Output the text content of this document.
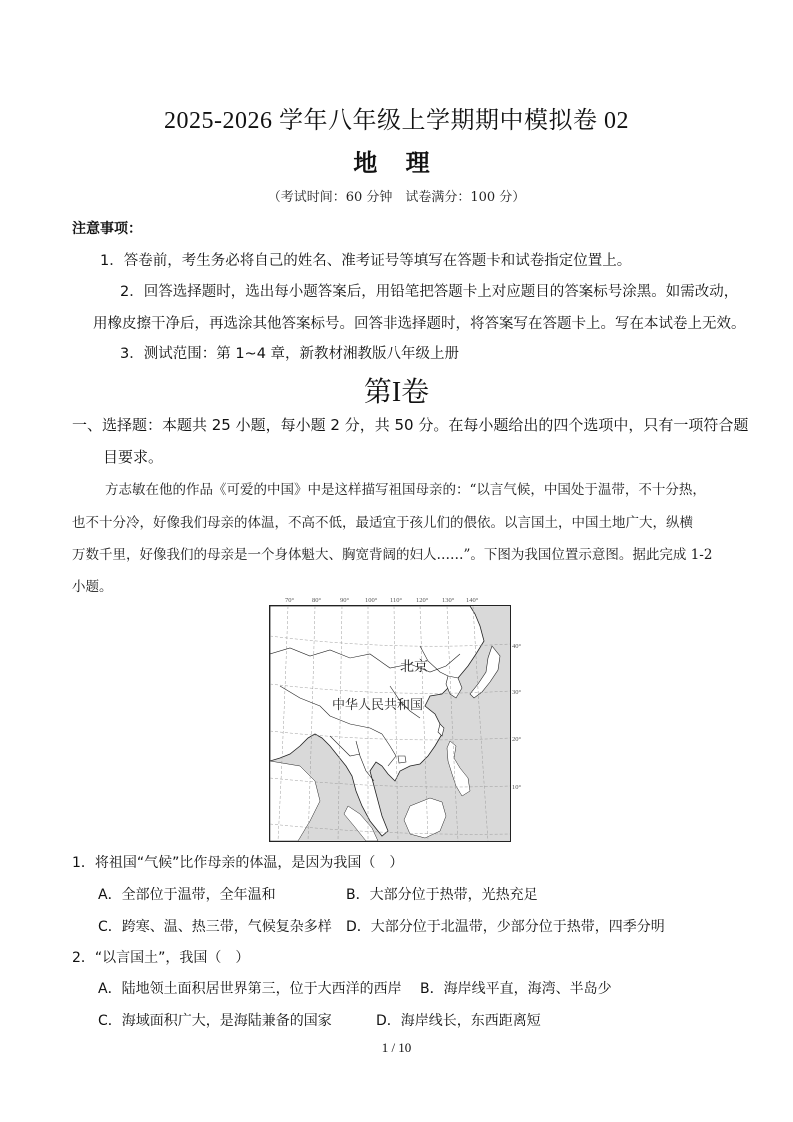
2025-2026 学年八年级上学期期中模拟卷 02
地 理
（考试时间：60 分钟　试卷满分：100 分）
注意事项：
1．答卷前，考生务必将自己的姓名、准考证号等填写在答题卡和试卷指定位置上。
2．回答选择题时，选出每小题答案后，用铅笔把答题卡上对应题目的答案标号涂黑。如需改动，
用橡皮擦干净后，再选涂其他答案标号。回答非选择题时，将答案写在答题卡上。写在本试卷上无效。
3．测试范围：第 1~4 章，新教材湘教版八年级上册
第I卷
一、选择题：本题共 25 小题，每小题 2 分，共 50 分。在每小题给出的四个选项中，只有一项符合题
目要求。
方志敏在他的作品《可爱的中国》中是这样描写祖国母亲的：“以言气候，中国处于温带，不十分热，
也不十分冷，好像我们母亲的体温，不高不低，最适宜于孩儿们的偎依。以言国土，中国土地广大，纵横
万数千里，好像我们的母亲是一个身体魁大、胸宽背阔的妇人……”。下图为我国位置示意图。据此完成 1-2
小题。
70°	80°	90° 100° 110° 120° 130° 140°
40°
30°
20°
10°
北京
中华人民共和国
1．将祖国“气候”比作母亲的体温，是因为我国（　）
A．全部位于温带，全年温和	B．大部分位于热带，光热充足
C．跨寒、温、热三带，气候复杂多样 D．大部分位于北温带，少部分位于热带，四季分明
2．“以言国土”，我国（　）
A．陆地领土面积居世界第三，位于大西洋的西岸 B．海岸线平直，海湾、半岛少
C．海域面积广大，是海陆兼备的国家	D．海岸线长，东西距离短
1 / 10
